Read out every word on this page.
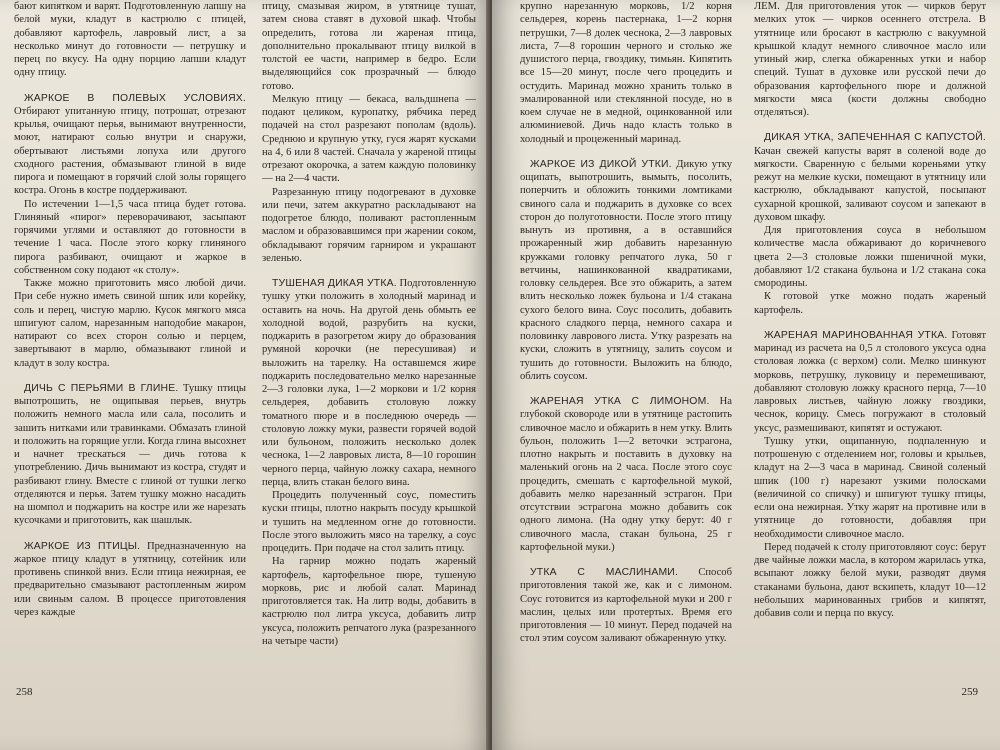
бают кипятком и варят. Подготовленную лапшу на белой муки, кладут в кастрюлю с птицей, добавляют картофель, лавровый лист, а за несколько минут до готовности — петрушку и перец по вкусу. На одну порцию лапши кладут одну птицу.

ЖАРКОЕ В ПОЛЕВЫХ УСЛОВИЯХ. Отбирают упитанную птицу, потрошат, отрезают крылья, очищают перья, вынимают внутренности, моют, натирают солью внутри и снаружи, обертывают листьями лопуха или другого сходного растения, обмазывают глиной в виде пирога и помещают в горячий слой золы горящего костра. Огонь в костре поддерживают.

По истечении 1—1,5 часа птица будет готова. Глиняный «пирог» переворачивают, засыпают горячими углями и оставляют до готовности в течение 1 часа. После этого корку глиняного пирога разбивают, очищают и жаркое в собственном соку подают «к столу».

Также можно приготовить мясо любой дичи. При себе нужно иметь свиной шпик или корейку, соль и перец, чистую марлю. Кусок мягкого мяса шпигуют салом, нарезанным наподобие макарон, натирают со всех сторон солью и перцем, завертывают в марлю, обмазывают глиной и кладут в золу костра.

ДИЧЬ С ПЕРЬЯМИ В ГЛИНЕ. Тушку птицы выпотрошить, не ощипывая перьев, внутрь положить немного масла или сала, посолить и зашить нитками или травинками. Обмазать глиной и положить на горящие угли. Когда глина высохнет и начнет трескаться — дичь готова к употреблению. Дичь вынимают из костра, студят и разбивают глину. Вместе с глиной от тушки легко отделяются и перья. Затем тушку можно насадить на шомпол и поджарить на костре или же нарезать кусочками и приготовить, как шашлык.

ЖАРКОЕ ИЗ ПТИЦЫ. Предназначенную на жаркое птицу кладут в утятницу, сотейник или противень спинкой вниз. Если птица нежирная, ее предварительно смазывают растопленным жиром или свиным салом. В процессе приготовления через каждые

птицу, смазывая жиром, в утятнице тушат, затем снова ставят в духовой шкаф. Чтобы определить, готова ли жареная птица, дополнительно прокалывают птицу вилкой в толстой ее части, например в бедро. Если выделяющийся сок прозрачный — блюдо готово.

Мелкую птицу — бекаса, вальдшнепа — подают целиком, куропатку, рябчика перед подачей на стол разрезают пополам (вдоль). Среднюю и крупную утку, гуся жарят кусками на 4, 6 или 8 частей. Сначала у жареной птицы отрезают окорочка, а затем каждую половинку — на 2—4 части.

Разрезанную птицу подогревают в духовке или печи, затем аккуратно раскладывают на подогретое блюдо, поливают растопленным маслом и образовавшимся при жарении соком, обкладывают горячим гарниром и украшают зеленью.

ТУШЕНАЯ ДИКАЯ УТКА. Подготовленную тушку утки положить в холодный маринад и оставить на ночь. На другой день обмыть ее холодной водой, разрубить на куски, поджарить в разогретом жиру до образования румяной корочки (не пересушивая) и выложить на тарелку. На оставшемся жире поджарить последовательно мелко нарезанные 2—3 головки лука, 1—2 моркови и 1/2 корня сельдерея, добавить столовую ложку томатного пюре и в последнюю очередь — столовую ложку муки, развести горячей водой или бульоном, положить несколько долек чеснока, 1—2 лавровых листа, 8—10 горошин черного перца, чайную ложку сахара, немного перца, влить стакан белого вина.

Процедить полученный соус, поместить куски птицы, плотно накрыть посуду крышкой и тушить на медленном огне до готовности. После этого выложить мясо на тарелку, а соус процедить. При подаче на стол залить птицу.

На гарнир можно подать жареный картофель, картофельное пюре, тушеную морковь, рис и любой салат. Маринад приготовляется так. На литр воды, добавить в кастрюлю пол литра уксуса, добавить литр уксуса, положить репчатого лука (разрезанного на четыре части)

258

крупно нарезанную морковь, 1/2 корня сельдерея, корень пастернака, 1—2 корня петрушки, 7—8 долек чеснока, 2—3 лавровых листа, 7—8 горошин черного и столько же душистого перца, гвоздику, тимьян. Кипятить все 15—20 минут, после чего процедить и остудить. Маринад можно хранить только в эмалированной или стеклянной посуде, но в коем случае не в медной, оцинкованной или алюминиевой. Дичь надо класть только в холодный и процеженный маринад.

ЖАРКОЕ ИЗ ДИКОЙ УТКИ. Дикую утку ощипать, выпотрошить, вымыть, посолить, поперчить и обложить тонкими ломтиками свиного сала и поджарить в духовке со всех сторон до полуготовности. После этого птицу вынуть из противня, а в оставшийся прожаренный жир добавить нарезанную кружками головку репчатого лука, 50 г ветчины, нашинкованной квадратиками, головку сельдерея. Все это обжарить, а затем влить несколько ложек бульона и 1/4 стакана сухого белого вина. Соус посолить, добавить красного сладкого перца, немного сахара и половинку лаврового листа. Утку разрезать на куски, сложить в утятницу, залить соусом и тушить до готовности. Выложить на блюдо, облить соусом.

ЖАРЕНАЯ УТКА С ЛИМОНОМ. На глубокой сковороде или в утятнице растопить сливочное масло и обжарить в нем утку. Влить бульон, положить 1—2 веточки эстрагона, плотно накрыть и поставить в духовку на маленький огонь на 2 часа. После этого соус процедить, смешать с картофельной мукой, добавить мелко нарезанный эстрагон. При отсутствии эстрагона можно добавить сок одного лимона. (На одну утку берут: 40 г сливочного масла, стакан бульона, 25 г картофельной муки.)

УТКА С МАСЛИНАМИ. Способ приготовления такой же, как и с лимоном. Соус готовится из картофельной муки и 200 г маслин, целых или протертых. Время его приготовления — 10 минут. Перед подачей на стол этим соусом заливают обжаренную утку.

ЛЕМ. Для приготовления уток — чирков берут мелких уток — чирков осеннего отстрела. В утятнице или бросают в кастрюлю с вакуумной крышкой кладут немного сливочное масло или утиный жир, слегка обжаренных утки и набор специй. Тушат в духовке или русской печи до образования картофельного пюре и должной мягкости мяса (кости должны свободно отделяться).

ДИКАЯ УТКА, ЗАПЕЧЕННАЯ С КАПУСТОЙ. Качан свежей капусты варят в соленой воде до мягкости. Сваренную с белыми кореньями утку режут на мелкие куски, помещают в утятницу или кастрюлю, обкладывают капустой, посыпают сухарной крошкой, заливают соусом и запекают в духовом шкафу.

Для приготовления соуса в небольшом количестве масла обжаривают до коричневого цвета 2—3 столовые ложки пшеничной муки, добавляют 1/2 стакана бульона и 1/2 стакана сока смородины.

К готовой утке можно подать жареный картофель.

ЖАРЕНАЯ МАРИНОВАННАЯ УТКА. Готовят маринад из расчета на 0,5 л столового уксуса одна столовая ложка (с верхом) соли. Мелко шинкуют морковь, петрушку, луковицу и перемешивают, добавляют столовую ложку красного перца, 7—10 лавровых листьев, чайную ложку гвоздики, чеснок, корицу. Смесь погружают в столовый уксус, размешивают, кипятят и остужают.

Тушку утки, ощипанную, подпаленную и потрошеную с отделением ног, головы и крыльев, кладут на 2—3 часа в маринад. Свиной соленый шпик (100 г) нарезают узкими полосками (величиной со спичку) и шпигуют тушку птицы, если она нежирная. Утку жарят на противне или в утятнице до готовности, добавляя при необходимости сливочное масло.

Перед подачей к столу приготовляют соус: берут две чайные ложки масла, в котором жарилась утка, всыпают ложку белой муки, разводят двумя стаканами бульона, дают вскипеть, кладут 10—12 небольших маринованных грибов и кипятят, добавив соли и перца по вкусу.

259
